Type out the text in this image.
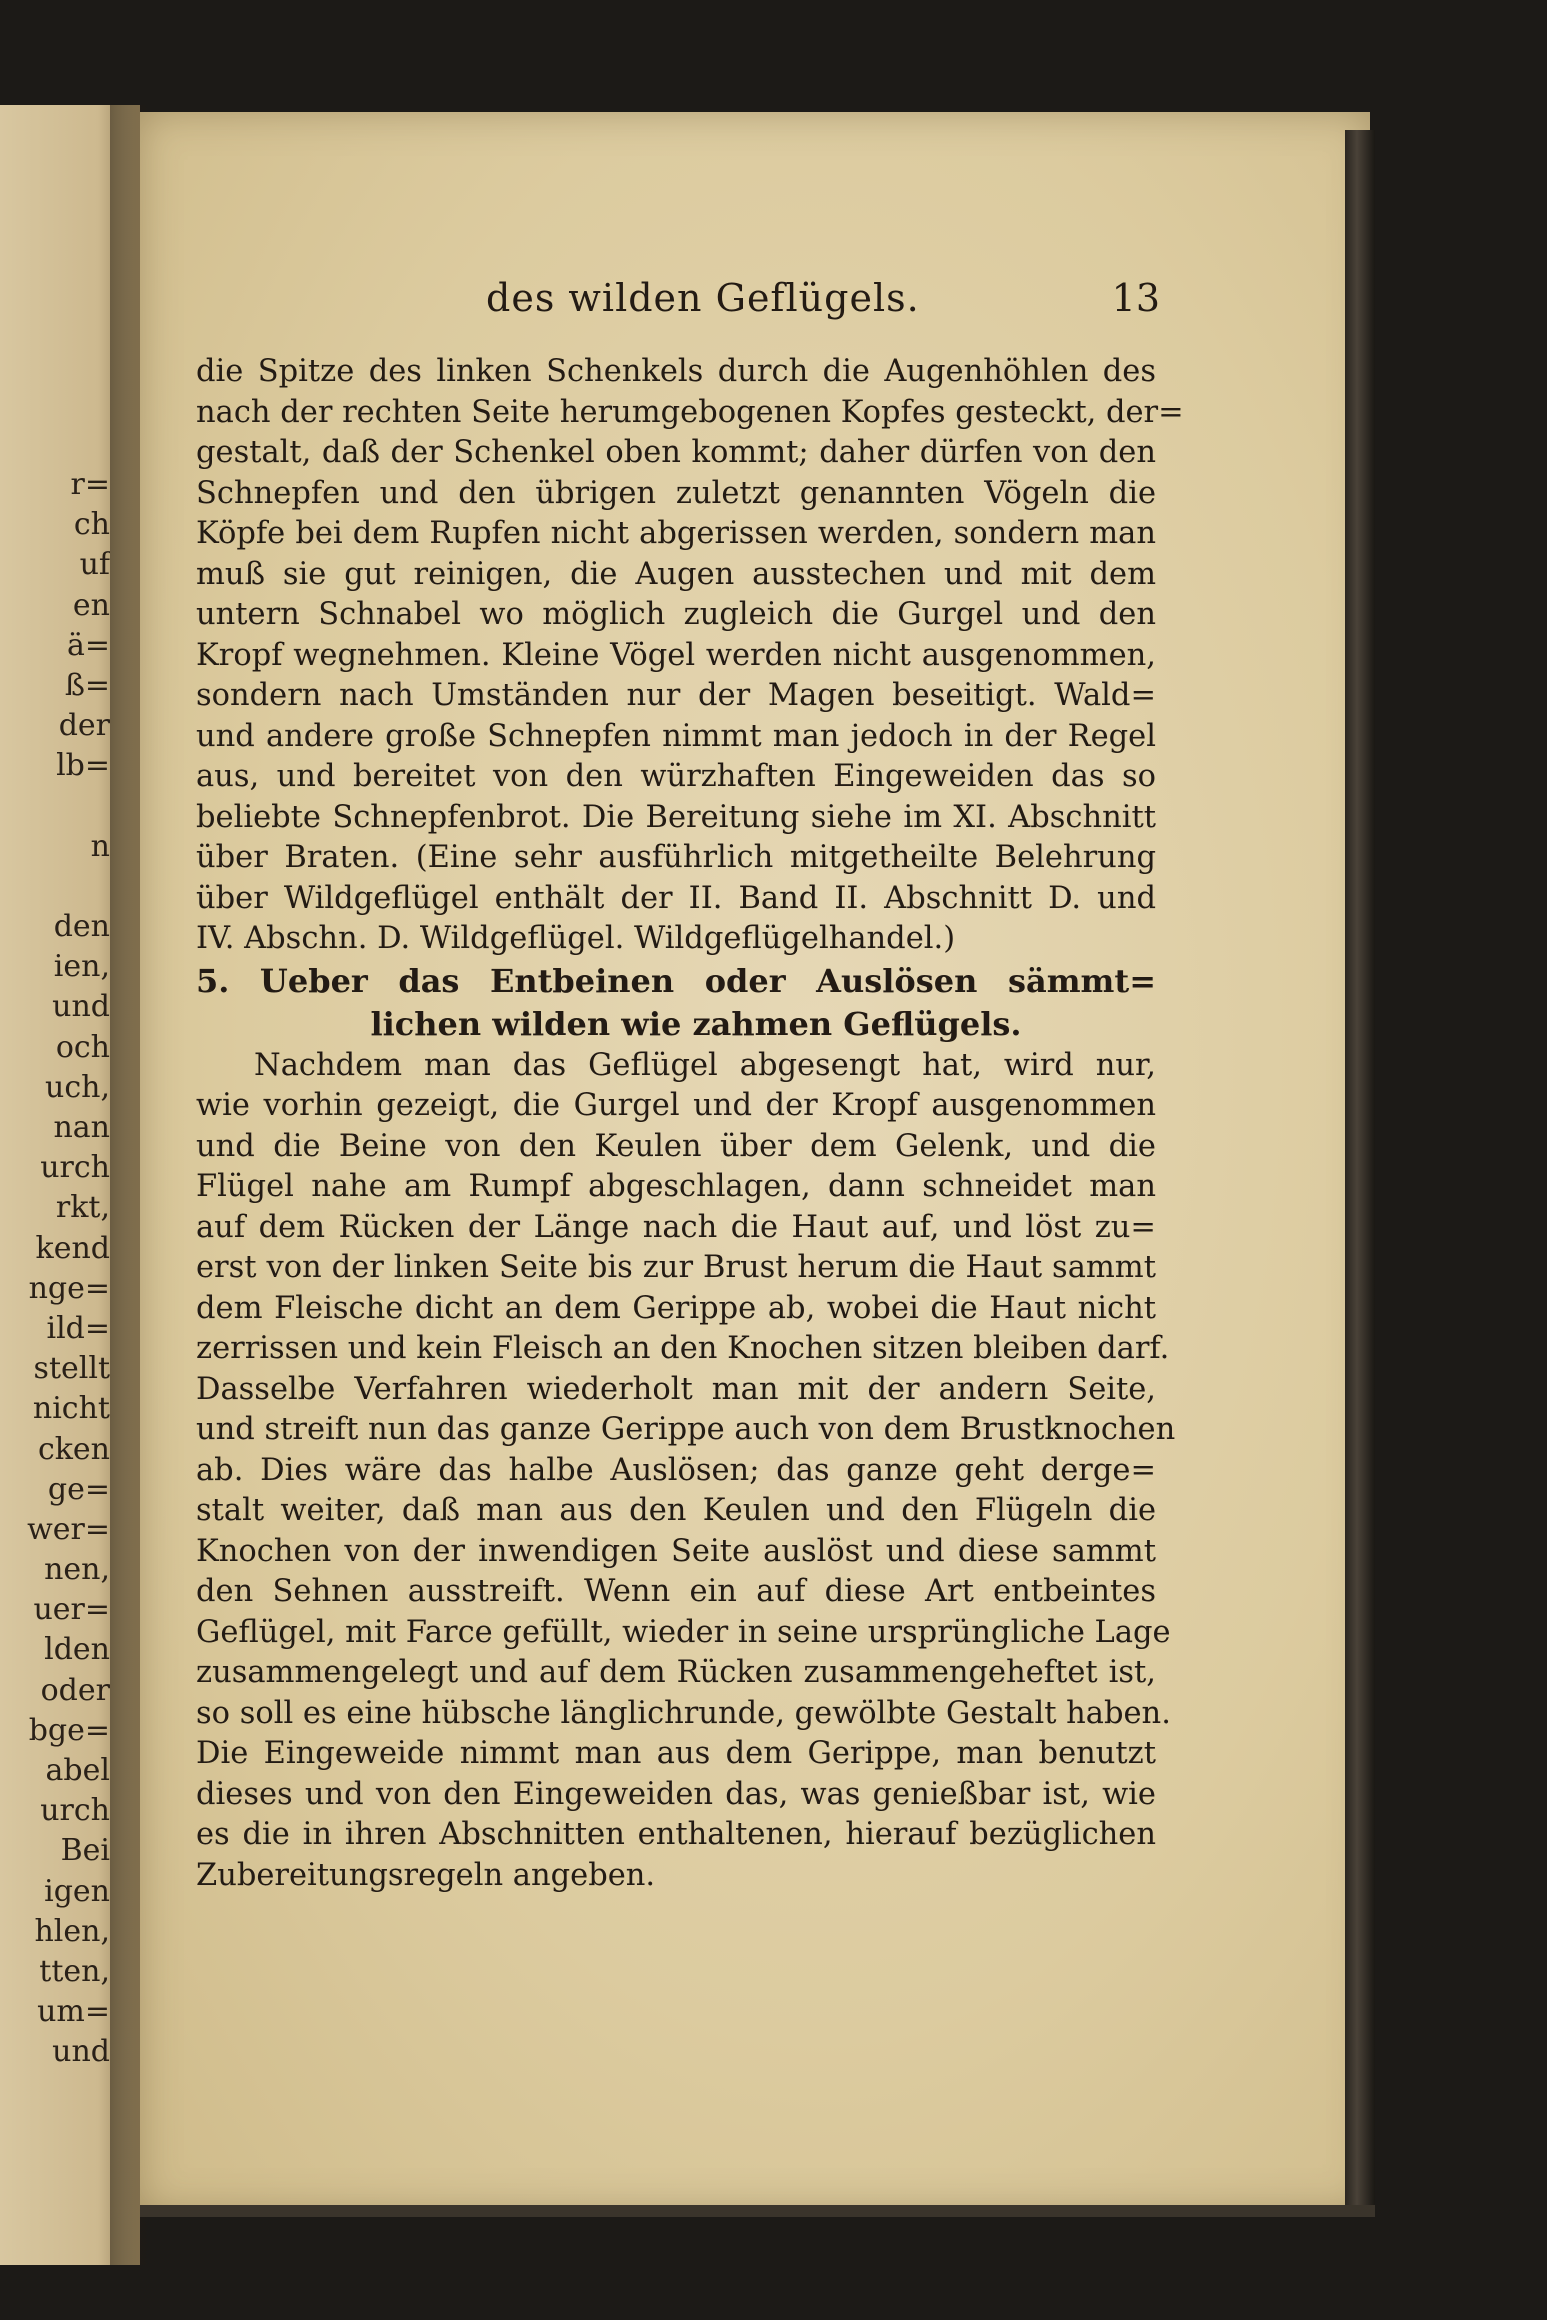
r=
ch
uf
en
ä=
ß=
der
lb=
n
den
ien,
und
och
uch,
nan
urch
rkt,
kend
nge=
ild=
stellt
nicht
cken
ge=
wer=
nen,
uer=
lden
oder
bge=
abel
urch
Bei
igen
hlen,
tten,
um=
und
des wilden Geflügels.	13
die Spitze des linken Schenkels durch die Augenhöhlen des
nach der rechten Seite herumgebogenen Kopfes gesteckt, der=
gestalt, daß der Schenkel oben kommt; daher dürfen von den
Schnepfen und den übrigen zuletzt genannten Vögeln die
Köpfe bei dem Rupfen nicht abgerissen werden, sondern man
muß sie gut reinigen, die Augen ausstechen und mit dem
untern Schnabel wo möglich zugleich die Gurgel und den
Kropf wegnehmen. Kleine Vögel werden nicht ausgenommen,
sondern nach Umständen nur der Magen beseitigt. Wald=
und andere große Schnepfen nimmt man jedoch in der Regel
aus, und bereitet von den würzhaften Eingeweiden das so
beliebte Schnepfenbrot. Die Bereitung siehe im XI. Abschnitt
über Braten. (Eine sehr ausführlich mitgetheilte Belehrung
über Wildgeflügel enthält der II. Band II. Abschnitt D. und
IV. Abschn. D. Wildgeflügel. Wildgeflügelhandel.)
5. Ueber das Entbeinen oder Auslösen sämmt=
lichen wilden wie zahmen Geflügels.
Nachdem man das Geflügel abgesengt hat, wird nur,
wie vorhin gezeigt, die Gurgel und der Kropf ausgenommen
und die Beine von den Keulen über dem Gelenk, und die
Flügel nahe am Rumpf abgeschlagen, dann schneidet man
auf dem Rücken der Länge nach die Haut auf, und löst zu=
erst von der linken Seite bis zur Brust herum die Haut sammt
dem Fleische dicht an dem Gerippe ab, wobei die Haut nicht
zerrissen und kein Fleisch an den Knochen sitzen bleiben darf.
Dasselbe Verfahren wiederholt man mit der andern Seite,
und streift nun das ganze Gerippe auch von dem Brustknochen
ab. Dies wäre das halbe Auslösen; das ganze geht derge=
stalt weiter, daß man aus den Keulen und den Flügeln die
Knochen von der inwendigen Seite auslöst und diese sammt
den Sehnen ausstreift. Wenn ein auf diese Art entbeintes
Geflügel, mit Farce gefüllt, wieder in seine ursprüngliche Lage
zusammengelegt und auf dem Rücken zusammengeheftet ist,
so soll es eine hübsche länglichrunde, gewölbte Gestalt haben.
Die Eingeweide nimmt man aus dem Gerippe, man benutzt
dieses und von den Eingeweiden das, was genießbar ist, wie
es die in ihren Abschnitten enthaltenen, hierauf bezüglichen
Zubereitungsregeln angeben.
